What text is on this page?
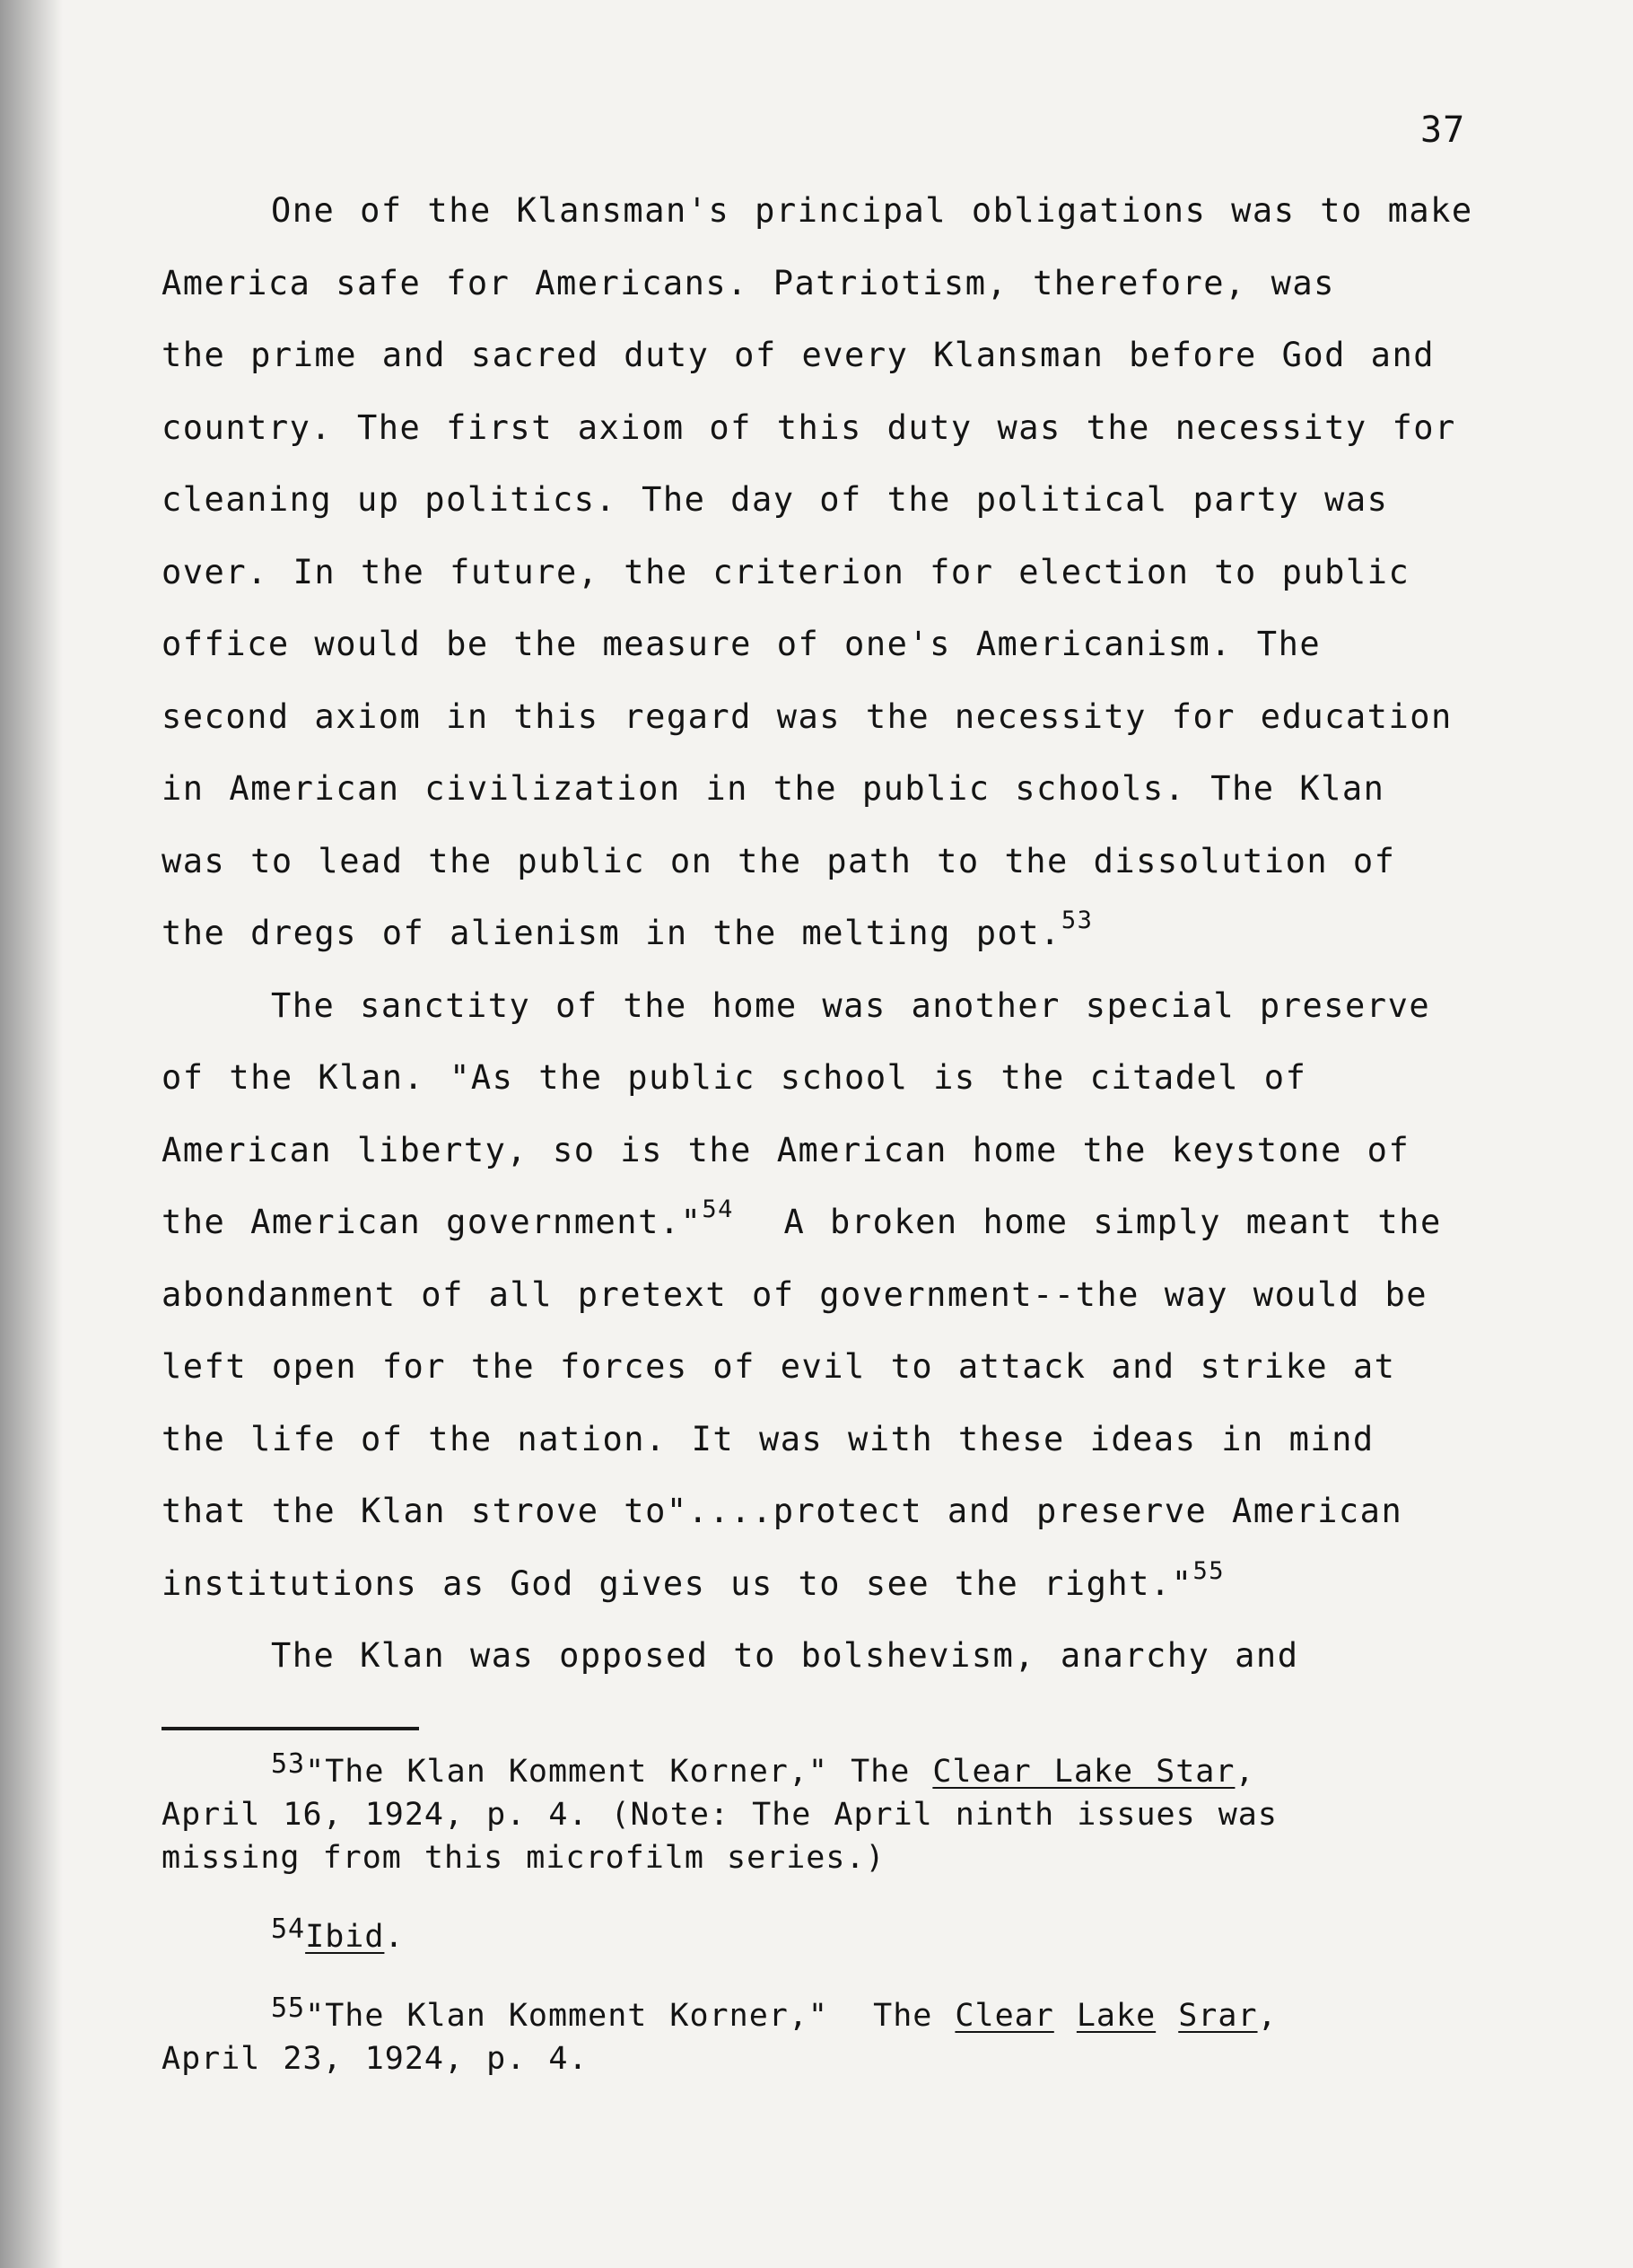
37
One of the Klansman's principal obligations was to make
America safe for Americans. Patriotism, therefore, was
the prime and sacred duty of every Klansman before God and
country. The first axiom of this duty was the necessity for
cleaning up politics. The day of the political party was
over. In the future, the criterion for election to public
office would be the measure of one's Americanism. The
second axiom in this regard was the necessity for education
in American civilization in the public schools. The Klan
was to lead the public on the path to the dissolution of
the dregs of alienism in the melting pot.$^{53}$
The sanctity of the home was another special preserve
of the Klan. "As the public school is the citadel of
American liberty, so is the American home the keystone of
the American government."$^{54}$  A broken home simply meant the
abondanment of all pretext of government--the way would be
left open for the forces of evil to attack and strike at
the life of the nation. It was with these ideas in mind
that the Klan strove to"....protect and preserve American
institutions as God gives us to see the right."$^{55}$
The Klan was opposed to bolshevism, anarchy and
53"The Klan Komment Korner," The Clear Lake Star,
April 16, 1924, p. 4. (Note: The April ninth issues was
missing from this microfilm series.)
54Ibid.
55"The Klan Komment Korner,"  The Clear Lake Srar,
April 23, 1924, p. 4.
